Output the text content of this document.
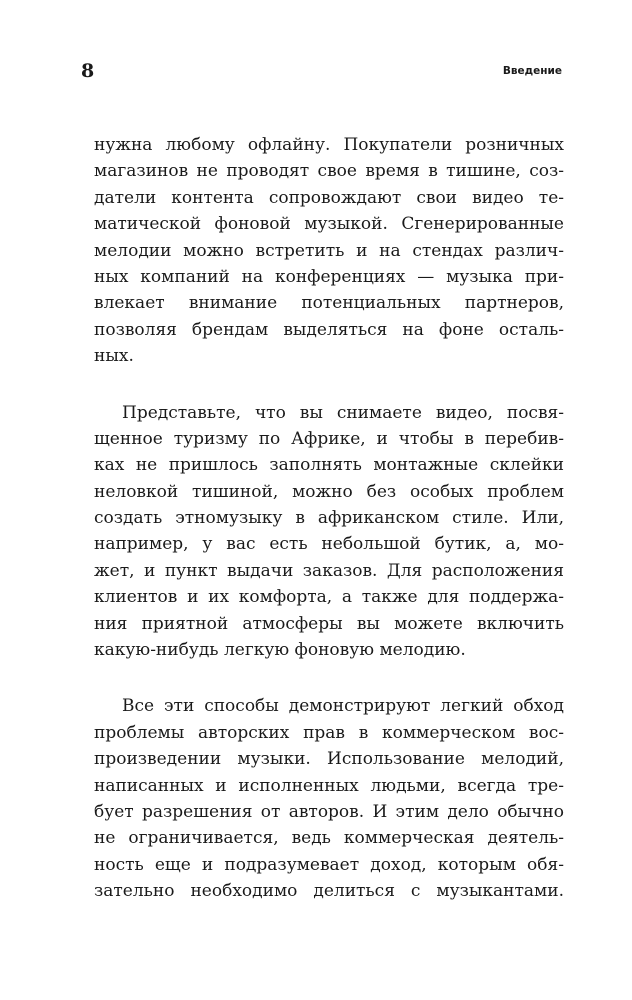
8	Введение

нужна любому офлайну. Покупатели розничных
магазинов не проводят свое время в тишине, соз-
датели контента сопровождают свои видео те-
матической фоновой музыкой. Сгенерированные
мелодии можно встретить и на стендах различ-
ных компаний на конференциях — музыка при-
влекает внимание потенциальных партнеров,
позволяя брендам выделяться на фоне осталь-
ных.

Представьте, что вы снимаете видео, посвя-
щенное туризму по Африке, и чтобы в перебив-
ках не пришлось заполнять монтажные склейки
неловкой тишиной, можно без особых проблем
создать этномузыку в африканском стиле. Или,
например, у вас есть небольшой бутик, а, мо-
жет, и пункт выдачи заказов. Для расположения
клиентов и их комфорта, а также для поддержа-
ния приятной атмосферы вы можете включить
какую-нибудь легкую фоновую мелодию.

Все эти способы демонстрируют легкий обход
проблемы авторских прав в коммерческом вос-
произведении музыки. Использование мелодий,
написанных и исполненных людьми, всегда тре-
бует разрешения от авторов. И этим дело обычно
не ограничивается, ведь коммерческая деятель-
ность еще и подразумевает доход, которым обя-
зательно необходимо делиться с музыкантами.
